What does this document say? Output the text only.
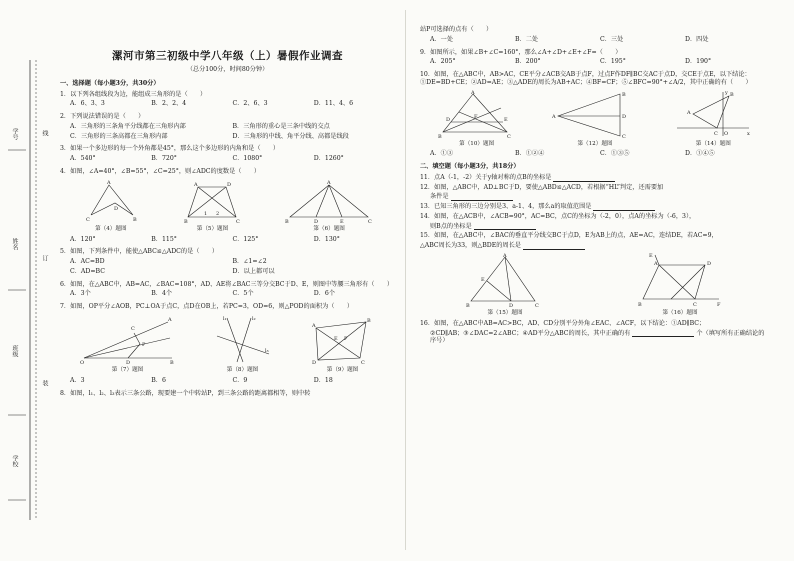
学号	线
姓名
订
班级
装
学校
漯河市第三初级中学八年级（上）暑假作业调查
（总分100分，时间80分钟）
一、选择题（每小题3分，共30分）
1．以下列各组线段为边，能组成三角形的是（　　）
A．6、3、3	B．2、2、4	C．2、6、3	D．11、4、6
2．下列说法错误的是（　　）
A．三角形的三条角平分线都在三角形内部	B．三角形的重心是三条中线的交点
C．三角形的三条高都在三角形内部	D．三角形的中线、角平分线、高都是线段
3．如果一个多边形的每一个外角都是45°，那么这个多边形的内角和是（　　）
A．540°	B．720°	C．1080°	D．1260°
4．如图，∠A=40°，∠B=55°，∠C=25°，则∠ADC的度数是（　　）
A
B
C
D
第（4）题图
A
B	C
D
1 2
第（5）题图
A
B	C
D	E
第（6）题图
A．120°	B．115°	C．125°	D．130°
5．如图，下列条件中，能使△ABC≌△ADC的是（　　）
A．AC=BD	B．∠1=∠2
C．AD=BC	D．以上都可以
6．如图，在△ABC中，AB=AC，∠BAC=108°，AD、AE将∠BAC三等分交BC于D、E，则图中等腰三角形有（　　）
A．3个	B．4个	C．5个	D．6个
7．如图，OP平分∠AOB，PC⊥OA于点C，点D在OB上，若PC=3，OD=6，则△POD的面积为（　　）
A
B
C
D
O
P
第（7）题图
l₁	l₂
l₃
第（8）题图
A
B
C
D
E F
第（9）题图
A．3	B．6	C．9	D．18
8．如图，l₁、l₂、l₃表示三条公路，现要建一个中转站P，到三条公路的距离都相等，则中转
站P可选择的点有（　　）
A．一处	B．二处	C．三处	D．四处
9．如图所示，如果∠B+∠C=160°，那么∠A+∠D+∠E+∠F=（　　）
A．205°	B．200°	C．195°	D．190°
10．如图，在△ABC中，AB>AC，CE平分∠ACB交AB于点F，过点F作DF∥BC交AC于点D，交CE于点E，以下结论：①DE=BD+CE；②AD=AE；③△ADE的周长为AB+AC；④BF=CF；⑤∠BFC=90°+∠A/2，其中正确的有（　　）
A
B	C
D	E
F
第（10）题图
A
B
C
D
第（12）题图
A
B
C O	x
y
第（14）题图
A．①③	B．①②④	C．①③⑤	D．①④⑤
二、填空题（每小题3分，共18分）
11．点A（-1，-2）关于y轴对称的点B的坐标是
12．如图，△ABC中，AD⊥BC于D，要使△ABD≌△ACD，若根据“HL”判定，还需要加
条件是
13．已知三角形的三边分别是3、a-1、4，那么a的取值范围是
14．如图，在△ACB中，∠ACB=90°，AC=BC，点C的坐标为（-2，0），点A的坐标为（-6，3），
则B点的坐标是
15．如图，在△ABC中，∠BAC的垂直平分线交BC于点D，E为AB上的点，AE=AC，连结DE，若AC=9，
△ABC周长为33，则△BDE的周长是
A
B	C
D
E
第（15）题图
A
B	C
D
E
F
第（16）题图
16．如图，在△ABC中AB=AC>BC，AD、CD分别平分外角∠EAC、∠ACF，以下结论：①AD∥BC；
②CD∥AB；③∠DAC=2∠ABC；④AD平分△ABC的周长，其中正确的有	个（填写所有正确结论的序号）
